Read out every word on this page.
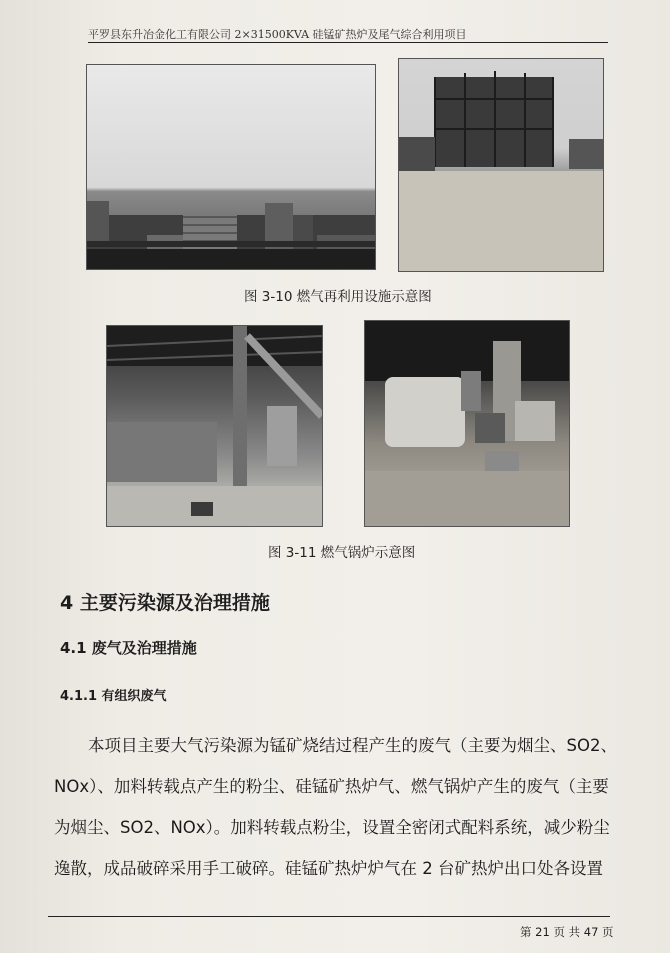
平罗县东升冶金化工有限公司 2×31500KVA 硅锰矿热炉及尾气综合利用项目
图 3-10 燃气再利用设施示意图
图 3-11 燃气锅炉示意图
4 主要污染源及治理措施
4.1 废气及治理措施
4.1.1 有组织废气
本项目主要大气污染源为锰矿烧结过程产生的废气（主要为烟尘、SO2、
NOx）、加料转载点产生的粉尘、硅锰矿热炉气、燃气锅炉产生的废气（主要
为烟尘、SO2、NOx）。加料转载点粉尘，设置全密闭式配料系统，减少粉尘
逸散，成品破碎采用手工破碎。硅锰矿热炉炉气在 2 台矿热炉出口处各设置
第 21 页 共 47 页
